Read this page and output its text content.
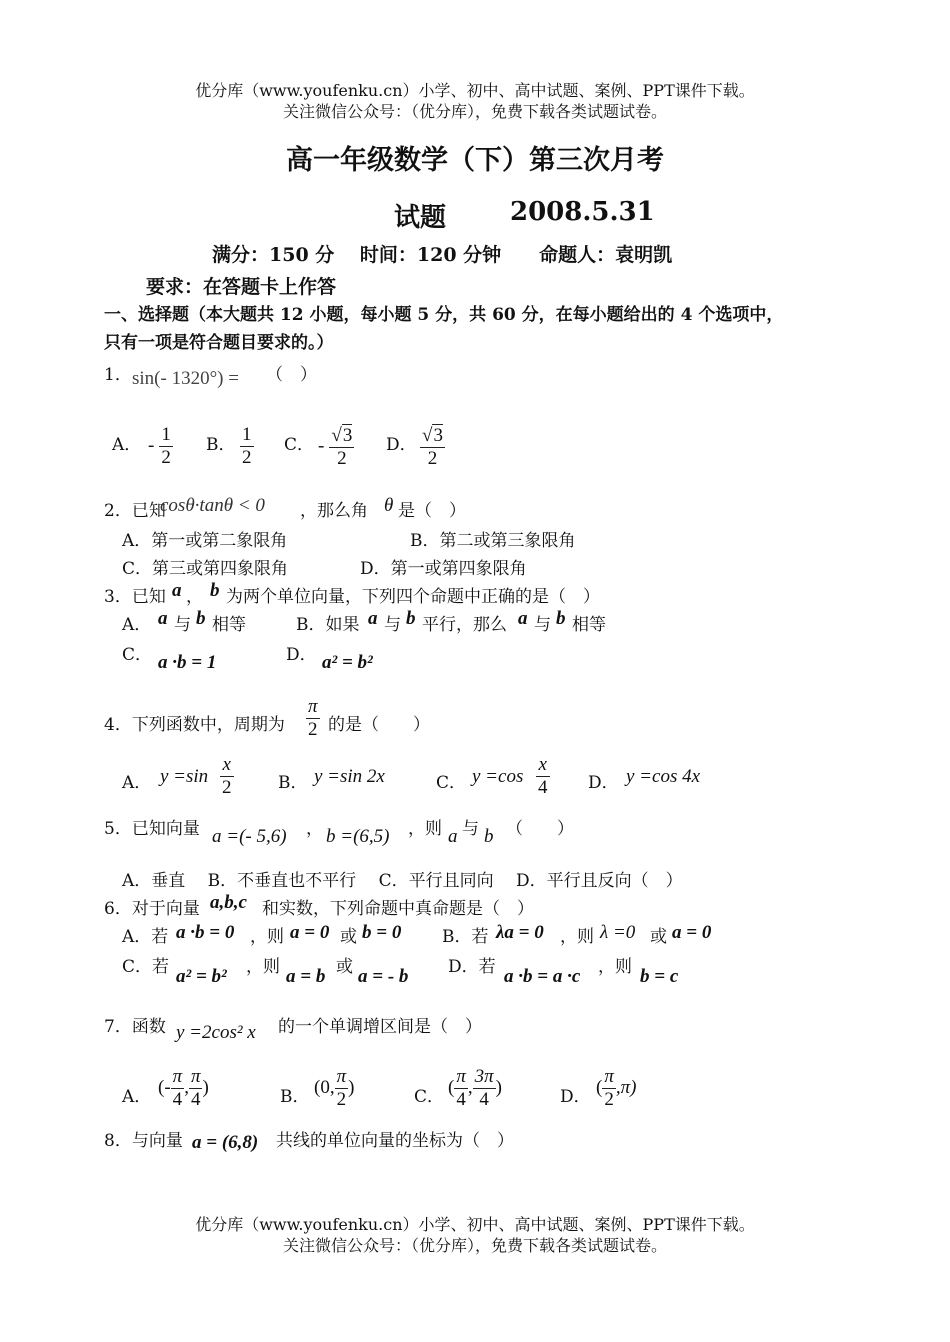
优分库（www.youfenku.cn）小学、初中、高中试题、案例、PPT课件下载。
关注微信公众号：（优分库），免费下载各类试题试卷。
高一年级数学（下）第三次月考
试题 2008.5.31
满分：150 分　 时间：120 分钟　　命题人：袁明凯
要求：在答题卡上作答
一、选择题（本大题共 12 小题，每小题 5 分，共 60 分，在每小题给出的 4 个选项中，
只有一项是符合题目要求的。）
1． sin(- 1320°) = （　）
A． - $\frac{1}{2}$ B． $\frac{1}{2}$ C． - $\frac{√3}{2}$ D． $\frac{√3}{2}$
2．已知
cosθ·tanθ < 0 ，那么角 θ 是（　）
A．第一或第二象限角	B．第二或第三象限角
C．第三或第四象限角	D．第一或第四象限角
3．已知 a ， b 为两个单位向量，下列四个命题中正确的是（　）
A． a 与 b 相等	B．如果 a 与 b 平行，那么 a 与 b 相等
C． a ·b = 1	D． a² = b²
4．下列函数中，周期为 $\frac{\pi}{2}$ 的是（　　）
A． $y =\sin \frac{x}{2}$	B． y =sin 2x	C． $y =\cos \frac{x}{4}$ D． y =cos 4x
5．已知向量 a =(- 5,6) ， b =(6,5) ，则 a 与 b （　　）
A．垂直　 B．不垂直也不平行　 C．平行且同向　 D．平行且反向（　）
6．对于向量 a,b,c 和实数，下列命题中真命题是（　）
A．若 a ·b = 0 ，则 a = 0 或 b = 0 B．若 λa = 0 ，则 λ =0 或 a = 0
C．若 a² = b² ，则 a = b 或 a = - b D．若 a ·b = a ·c ，则 b = c
7．函数 y =2cos² x 的一个单调增区间是（　）
A． (- $\frac{\pi}{4}$ , $\frac{\pi}{4}$ )	B． (0, $\frac{\pi}{2}$ )	C． ( $\frac{\pi}{4}$ , $\frac{3\pi}{4}$ )	D． ( $\frac{\pi}{2} ,\pi$)
8．与向量 a = (6,8) 共线的单位向量的坐标为（　）
优分库（www.youfenku.cn）小学、初中、高中试题、案例、PPT课件下载。
关注微信公众号：（优分库），免费下载各类试题试卷。
